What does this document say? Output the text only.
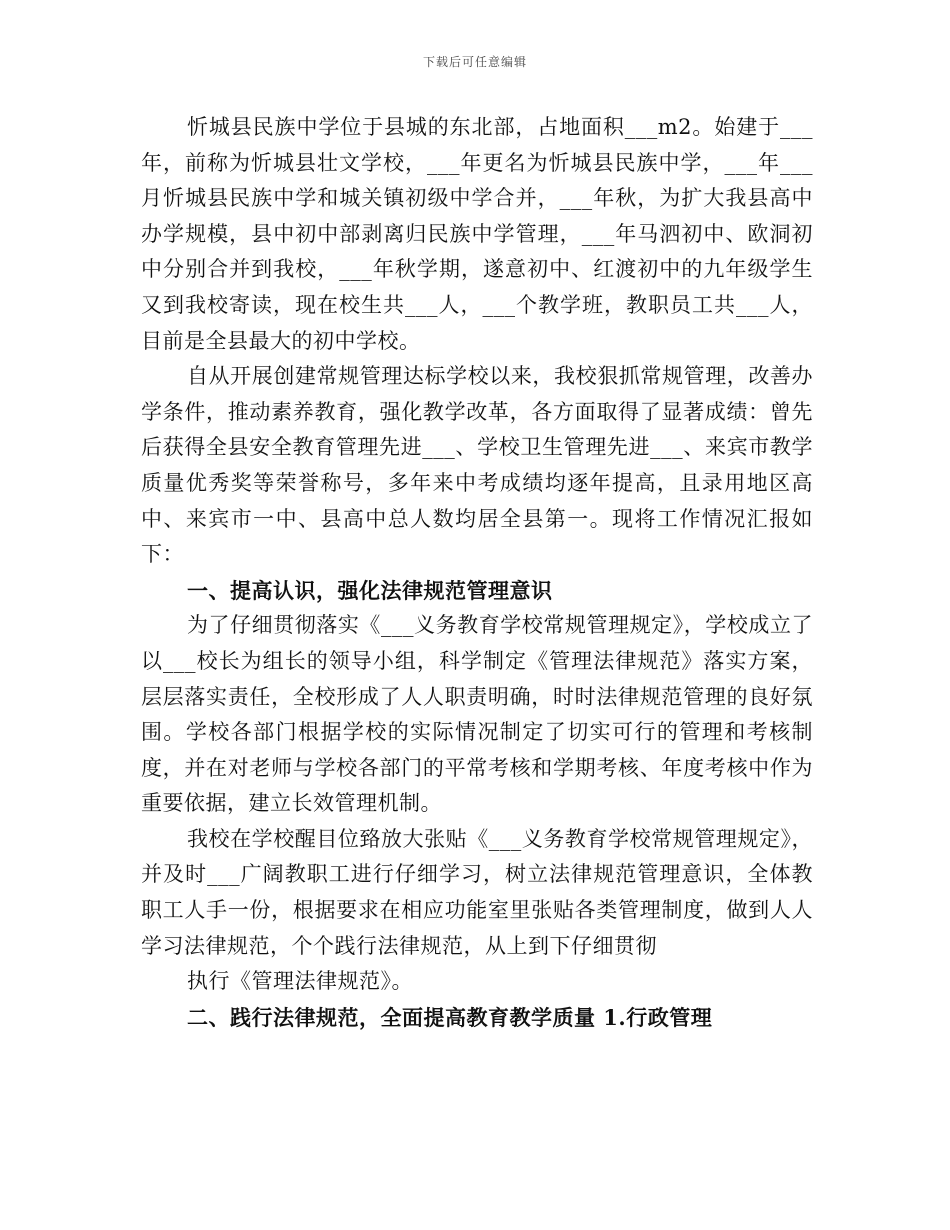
下载后可任意编辑

忻城县民族中学位于县城的东北部，占地面积___m2。始建于___年，前称为忻城县壮文学校，___年更名为忻城县民族中学，___年___月忻城县民族中学和城关镇初级中学合并，___年秋，为扩大我县高中办学规模，县中初中部剥离归民族中学管理，___年马泗初中、欧洞初中分别合并到我校，___年秋学期，遂意初中、红渡初中的九年级学生又到我校寄读，现在校生共___人，___个教学班，教职员工共___人，目前是全县最大的初中学校。

自从开展创建常规管理达标学校以来，我校狠抓常规管理，改善办学条件，推动素养教育，强化教学改革，各方面取得了显著成绩：曾先后获得全县安全教育管理先进___、学校卫生管理先进___、来宾市教学质量优秀奖等荣誉称号，多年来中考成绩均逐年提高，且录用地区高中、来宾市一中、县高中总人数均居全县第一。现将工作情况汇报如下：

一、提高认识，强化法律规范管理意识

为了仔细贯彻落实《___义务教育学校常规管理规定》，学校成立了以___校长为组长的领导小组，科学制定《管理法律规范》落实方案，层层落实责任，全校形成了人人职责明确，时时法律规范管理的良好氛围。学校各部门根据学校的实际情况制定了切实可行的管理和考核制度，并在对老师与学校各部门的平常考核和学期考核、年度考核中作为重要依据，建立长效管理机制。

我校在学校醒目位臵放大张贴《___义务教育学校常规管理规定》，并及时___广阔教职工进行仔细学习，树立法律规范管理意识，全体教职工人手一份，根据要求在相应功能室里张贴各类管理制度，做到人人学习法律规范，个个践行法律规范，从上到下仔细贯彻

执行《管理法律规范》。

二、践行法律规范，全面提高教育教学质量 1.行政管理
